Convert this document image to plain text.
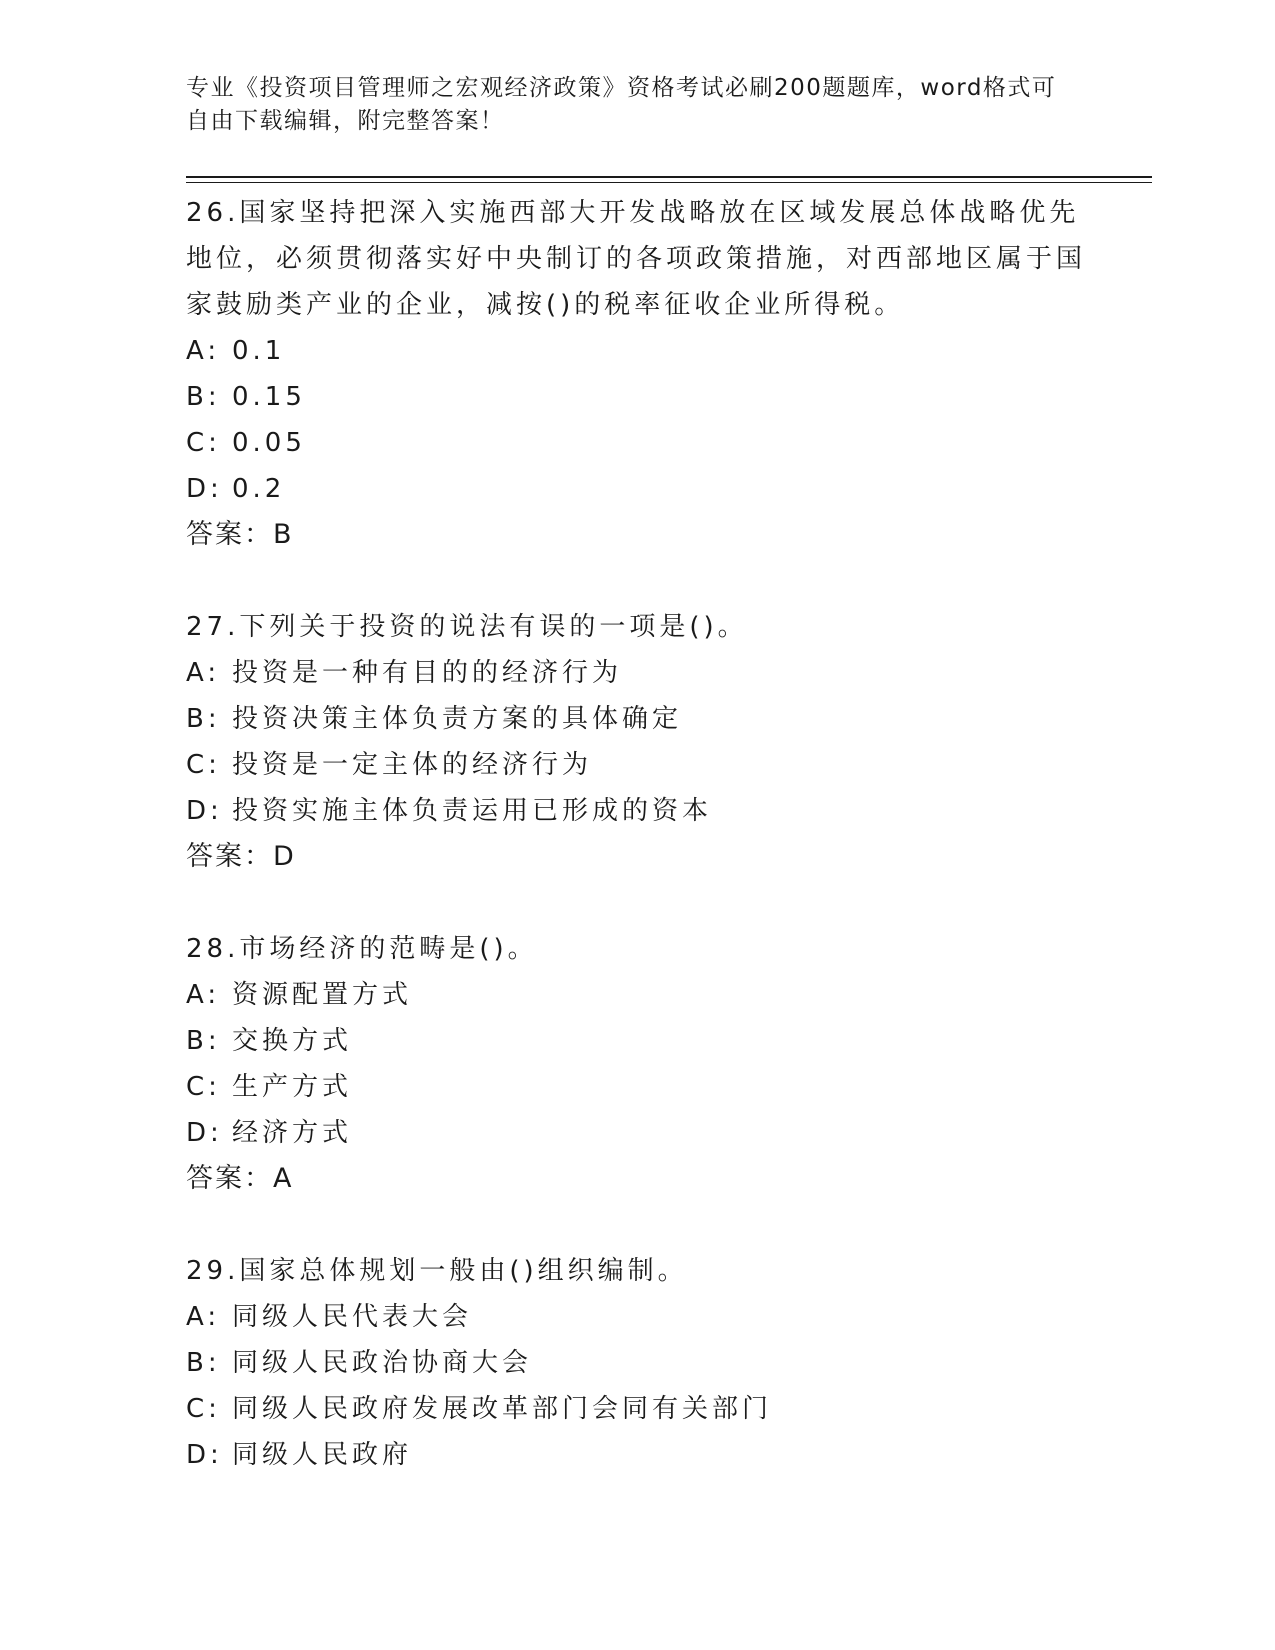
专业《投资项目管理师之宏观经济政策》资格考试必刷200题题库，word格式可
自由下载编辑，附完整答案！

26.国家坚持把深入实施西部大开发战略放在区域发展总体战略优先地位，必须贯彻落实好中央制订的各项政策措施，对西部地区属于国家鼓励类产业的企业，减按()的税率征收企业所得税。

A: 0.1
B: 0.15
C: 0.05
D: 0.2
答案：B

27.下列关于投资的说法有误的一项是()。

A: 投资是一种有目的的经济行为
B: 投资决策主体负责方案的具体确定
C: 投资是一定主体的经济行为
D: 投资实施主体负责运用已形成的资本
答案：D

28.市场经济的范畴是()。

A: 资源配置方式
B: 交换方式
C: 生产方式
D: 经济方式
答案：A

29.国家总体规划一般由()组织编制。

A: 同级人民代表大会
B: 同级人民政治协商大会
C: 同级人民政府发展改革部门会同有关部门
D: 同级人民政府
